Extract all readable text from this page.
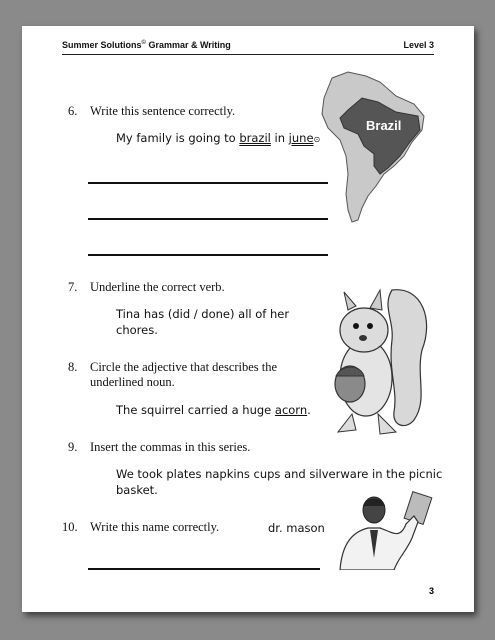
Summer Solutions© Grammar & Writing	Level 3
6. Write this sentence correctly.
My family is going to brazil in june⊙
Brazil
7. Underline the correct verb.
Tina has (did / done) all of her
chores.
8. Circle the adjective that describes the
underlined noun.
The squirrel carried a huge acorn.
9. Insert the commas in this series.
We took plates napkins cups and silverware in the picnic
basket.
10. Write this name correctly.	dr. mason
3
